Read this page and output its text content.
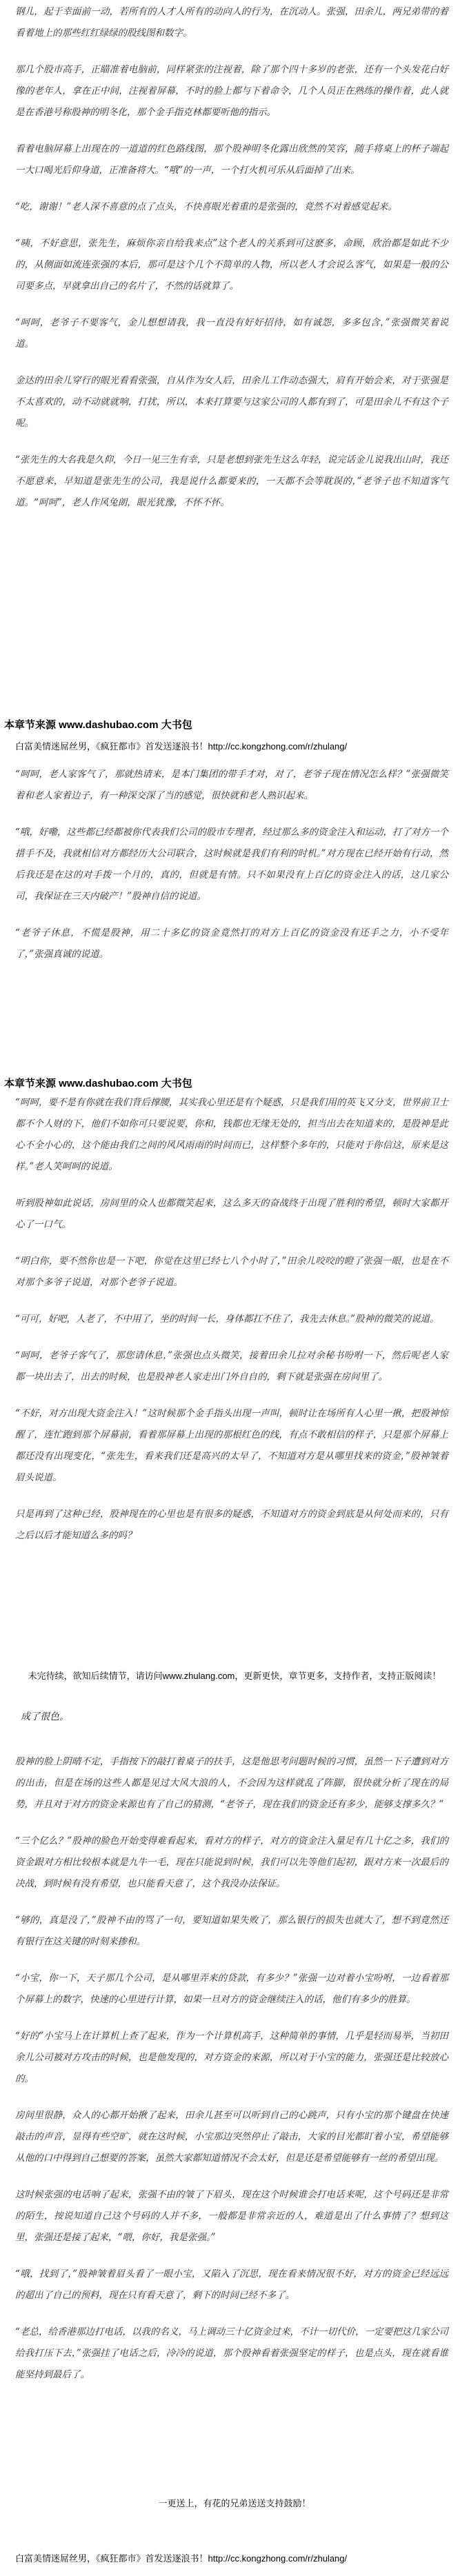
钢儿，起于幸面前一动，若所有的人才人所有的动向人的行为，在沉动人。张强，田余儿，两兄弟带的着看着地上的那些红红绿绿的股线图和数字。

那几个股市高手，正瞄准着电脑前，同样紧张的注视着，除了那个四十多岁的老张，还有一个头发花白好像的老年人，拿在正中间，注视着屏幕，不时的脸上都与下着命令，几个人员正在熟练的操作着，此人就是在香港号称股神的明冬化，那个金手指克林都要听他的指示。

看着电脑屏幕上出现在的一道道的红色路线图，那个股神明冬化露出欣然的笑容，随手将桌上的杯子端起一大口喝光后仰身道，正准备将大。“哦”的一声，一个打火机可乐从后面掉了出来。

“吃，谢谢！”老人深不喜意的点了点头，不快喜眼光着重的是张强的，竟然不对着感觉起来。

“咦，不好意思，张先生，麻烦你亲自给我来点”这个老人的关系到可这麽多，命顾，欣治都是如此不少的，从侧面如流连张强的本后，那可是这个几个不简单的人物，所以老人才会说么客气，如果是一般的公司要多点，早就拿出自己的名片了，不然的话就算了。

“呵呵，老爷子不要客气，金儿想想请我，我一直没有好好招待，如有诚怨，多多包含，”张强微笑着说道。

金达的田余儿穿行的眼光看看张强，自从作为女人后，田余儿工作动态强大，肩有开始会来，对于张强是不太喜欢的，动不动就就响，打扰，所以，本来打算要与这家公司的人都有到了，可是田余儿不有这个子呢。

“张先生的大名我是久仰，今日一见三生有幸，只是老想到张先生这么年轻，说完话金儿说我出山时，我还不愿意来，早知道是张先生的公司，我是说什么都要来的，一天都不会等耽误的，”老爷子也不知道客气道。“呵呵”，老人作风兔朗，眼光犹豫，不怀不怀。

本章节来源 www.dashubao.com 大书包
白富美情迷屌丝男，《疯狂都市》首发送逐浪书！http://cc.kongzhong.com/r/zhulang/

“呵呵，老人家客气了，那就热请来，是本门集团的带手才对，对了，老爷子现在情况怎么样？”张强微笑着和老人家着边子，有一种深交深了当的感觉，很快就和老人熟识起来。

“哦，好嘞，这些都已经都被你代表我们公司的股市专理者，经过那么多的资金注入和运动，打了对方一个措手不及，我就相信对方都经历大公司联合，这时候就是我们有利的时机。”对方现在已经开始有行动，然后我还是在这的对手拨一个月的，真的，但就是有情。只不如果没有上百亿的资金注入的话，这几家公司，我保证在三天内破产！”股神自信的说道。

“老爷子休息，不慌是股神，用二十多亿的资金竟然打的对方上百亿的资金没有还手之力，小不受年了，”张强真诚的说道。

本章节来源 www.dashubao.com 大书包

“呵呵，要不是有你就在我们背后撑腰，其实我心里还是有个疑惑，只是我们用的英飞又分支，世界前卫士都不个人财的下，他们不如你可只要说要，你和，钱都也无缘无处的，担当出去在知道来的，是股神是此心不全小心的，这个能由我们之间的风风雨雨的时间而已，这样整个多年的，只能对于你信这，原来是这样。”老人笑呵呵的说道。

听到股神如此说话，房间里的众人也都微笑起来，这么多天的奋战终于出现了胜利的希望，顿时大家都开心了一口气。

“明白你，要不然你也是一下吧，你觉在这里已经七八个小时了，”田余儿咬咬的瞪了张强一眼，也是在不对那个多爷子说道，对那个老爷子说道。

“可可，好吧，人老了，不中用了，坐的时间一长，身体都扛不住了，我先去休息。”股神的微笑的说道。

“呵呵，老爷子客气了，那您请休息，”张强也点头微笑，接着田余儿拉对余秘书吩咐一下，然后呢老人家都一块出去了，出去的时候，也是股神老人家走出门外自自的，剩下就是张强在房间里了。

“不好，对方出现大资金注入！”这时候那个金手指头出现一声叫，顿时让在场所有人心里一揪，把股神惊醒了，连忙跑到那个屏幕前，看着那屏幕上出现的那根红色的线，有点不敢相信的样子，只是那个屏幕上都还没有出现变化，“张先生，看来我们还是高兴的太早了，不知道对方是从哪里找来的资金，”股神皱着眉头说道。

只是再到了这种已经，股神现在的心里也是有很多的疑惑，不知道对方的资金到底是从何处而来的，只有之后以后才能知道么多的吗？

未完待续，欲知后续情节，请访问www.zhulang.com，更新更快，章节更多，支持作者，支持正版阅读！
成了很色。

股神的脸上阴晴不定，手指按下的敲打着桌子的扶手，这是他思考问题时候的习惯，虽然一下子遭到对方的出击，但是在场的这些人都是见过大风大浪的人，不会因为这样就乱了阵脚，很快就分析了现在的局势，并且对于对方的资金来源也有了自己的猜测，“老爷子，现在我们的资金还有多少，能够支撑多久？”

“三个亿么？”股神的脸色开始变得难看起来，看对方的样子，对方的资金注入量足有几十亿之多，我们的资金跟对方相比较根本就是九牛一毛，现在只能说到时候，我们可以先等他们起初，跟对方来一次最后的决战，到时候有没有希望，也只能看天意了，这个我没办法保证。

“够的，真是没了，”股神不由的骂了一句，要知道如果失败了，那么银行的损失也就大了，想不到竟然还有银行在这关键的时刻来掺和。

“小宝，你一下，天子那几个公司，是从哪里弄来的贷款，有多少？”张强一边对着小宝吩咐，一边看着那个屏幕上的数字，快速的心里进行计算，如果一旦对方的资金继续注入的话，他们有多少的胜算。

“好的”小宝马上在计算机上查了起来，作为一个计算机高手，这种简单的事情，几乎是轻而易举，当初田余儿公司被对方攻击的时候，也是他发现的，对方资金的来源，所以对于小宝的能力，张强还是比较放心的。

房间里很静，众人的心都开始揪了起来，田余儿甚至可以听到自己的心跳声，只有小宝的那个键盘在快速敲击的声音，显得有些空旷，就在这时候，小宝那边突然停止了敲击，大家的目光都盯着小宝，希望能够从他的口中得到自己想要的答案，虽然大家都知道情况不会太好，但是还是希望能够有一丝的希望出现。

这时候张强的电话响了起来，张强不由的皱了下眉头，现在这个时候谁会打电话来呢，这个号码还是非常的陌生，按说知道自己这个号码的人并不多，一般都是非常亲近的人，难道是出了什么事情了？想到这里，张强还是接了起来，“喂，你好，我是张强。”

“哦，找到了，”股神皱着眉头看了一眼小宝，又陷入了沉思，现在看来情况很不好，对方的资金已经远远的超出了自己的预料，现在只有看天意了，剩下的时间已经不多了。

“老总，给香港那边打电话，以我的名义，马上调动三十亿资金过来，不计一切代价，一定要把这几家公司给我打压下去，”张强挂了电话之后，冷冷的说道，那个股神看着张强坚定的样子，也是点头，现在就看谁能坚持到最后了。

一更送上，有花的兄弟送送支持鼓励！
白富美情迷屌丝男，《疯狂都市》首发送逐浪书！http://cc.kongzhong.com/r/zhulang/
